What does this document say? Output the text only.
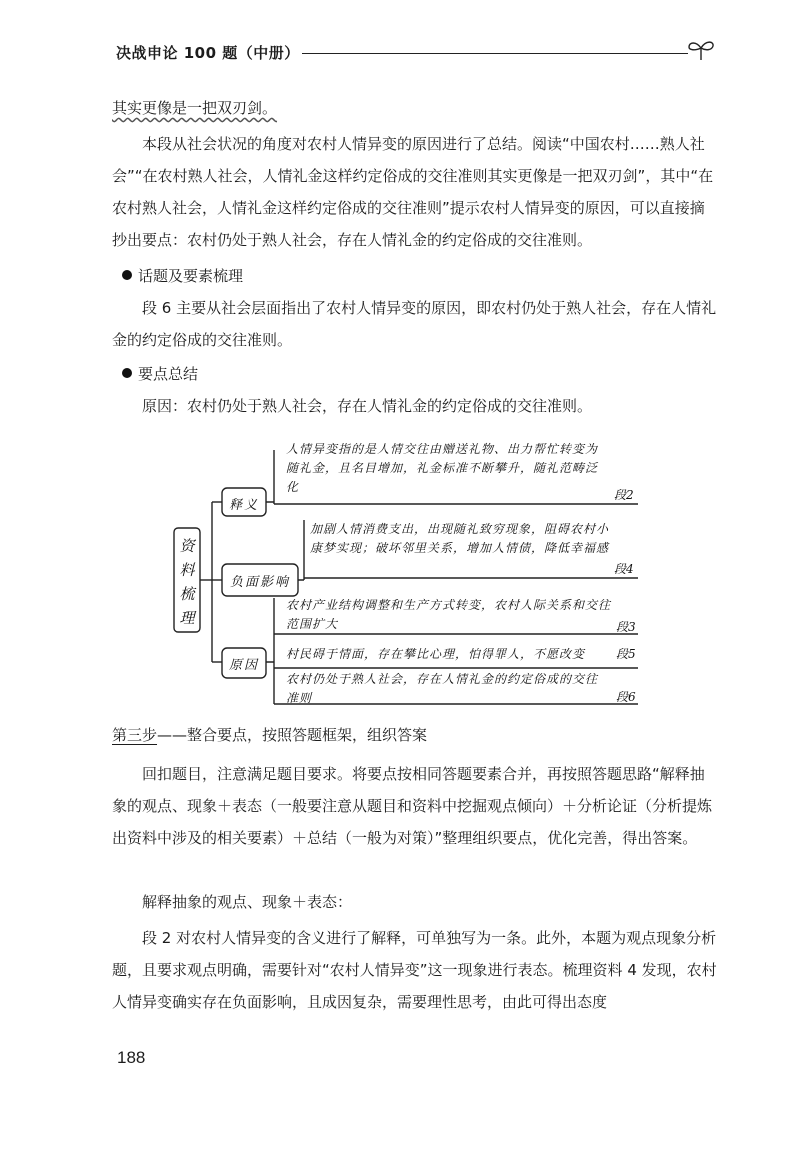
决战申论 100 题（中册）

其实更像是一把双刃剑。

本段从社会状况的角度对农村人情异变的原因进行了总结。阅读“中国农村……熟人社会”“在农村熟人社会，人情礼金这样约定俗成的交往准则其实更像是一把双刃剑”，其中“在农村熟人社会，人情礼金这样约定俗成的交往准则”提示农村人情异变的原因，可以直接摘抄出要点：农村仍处于熟人社会，存在人情礼金的约定俗成的交往准则。

话题及要素梳理

段 6 主要从社会层面指出了农村人情异变的原因，即农村仍处于熟人社会，存在人情礼金的约定俗成的交往准则。

要点总结

原因：农村仍处于熟人社会，存在人情礼金的约定俗成的交往准则。

资
料
梳
理
释义
负面影响
原因
人情异变指的是人情交往由赠送礼物、出力帮忙转变为随礼金，且名目增加，礼金标准不断攀升，随礼范畴泛化
段2
加剧人情消费支出，出现随礼致穷现象，阻碍农村小康梦实现；破坏邻里关系，增加人情债，降低幸福感
段4
农村产业结构调整和生产方式转变，农村人际关系和交往范围扩大	段3
村民碍于情面，存在攀比心理，怕得罪人，不愿改变	段5
农村仍处于熟人社会，存在人情礼金的约定俗成的交往准则	段6
第三步——整合要点，按照答题框架，组织答案

回扣题目，注意满足题目要求。将要点按相同答题要素合并，再按照答题思路“解释抽象的观点、现象＋表态（一般要注意从题目和资料中挖掘观点倾向）＋分析论证（分析提炼出资料中涉及的相关要素）＋总结（一般为对策）”整理组织要点，优化完善，得出答案。

解释抽象的观点、现象＋表态：

段 2 对农村人情异变的含义进行了解释，可单独写为一条。此外，本题为观点现象分析题，且要求观点明确，需要针对“农村人情异变”这一现象进行表态。梳理资料 4 发现，农村人情异变确实存在负面影响，且成因复杂，需要理性思考，由此可得出态度

188
